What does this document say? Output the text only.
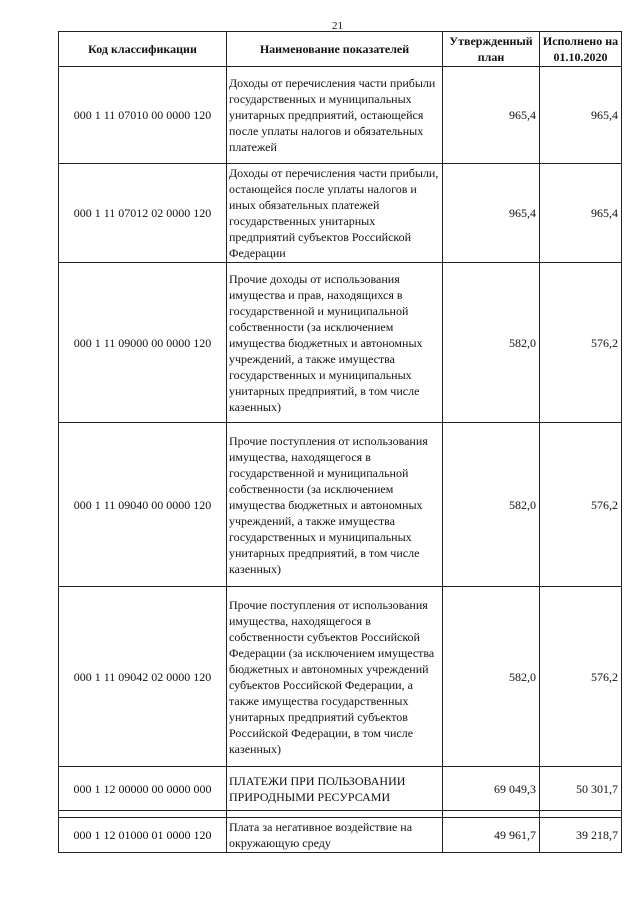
21
Код классификации	Наименование показателей	Утвержденный план	Исполнено на 01.10.2020
000 1 11 07010 00 0000 120	Доходы от перечисления части прибыли государственных и муниципальных унитарных предприятий, остающейся после уплаты налогов и обязательных платежей	965,4	965,4
000 1 11 07012 02 0000 120	Доходы от перечисления части прибыли, остающейся после уплаты налогов и иных обязательных платежей государственных унитарных предприятий субъектов Российской Федерации	965,4	965,4
000 1 11 09000 00 0000 120	Прочие доходы от использования имущества и прав, находящихся в государственной и муниципальной собственности (за исключением имущества бюджетных и автономных учреждений, а также имущества государственных и муниципальных унитарных предприятий, в том числе казенных)	582,0	576,2
000 1 11 09040 00 0000 120	Прочие поступления от использования имущества, находящегося в государственной и муниципальной собственности (за исключением имущества бюджетных и автономных учреждений, а также имущества государственных и муниципальных унитарных предприятий, в том числе казенных)	582,0	576,2
000 1 11 09042 02 0000 120	Прочие поступления от использования имущества, находящегося в собственности субъектов Российской Федерации (за исключением имущества бюджетных и автономных учреждений субъектов Российской Федерации, а также имущества государственных унитарных предприятий субъектов Российской Федерации, в том числе казенных)	582,0	576,2
000 1 12 00000 00 0000 000	ПЛАТЕЖИ ПРИ ПОЛЬЗОВАНИИ ПРИРОДНЫМИ РЕСУРСАМИ	69 049,3	50 301,7

000 1 12 01000 01 0000 120	Плата за негативное воздействие на окружающую среду	49 961,7	39 218,7
